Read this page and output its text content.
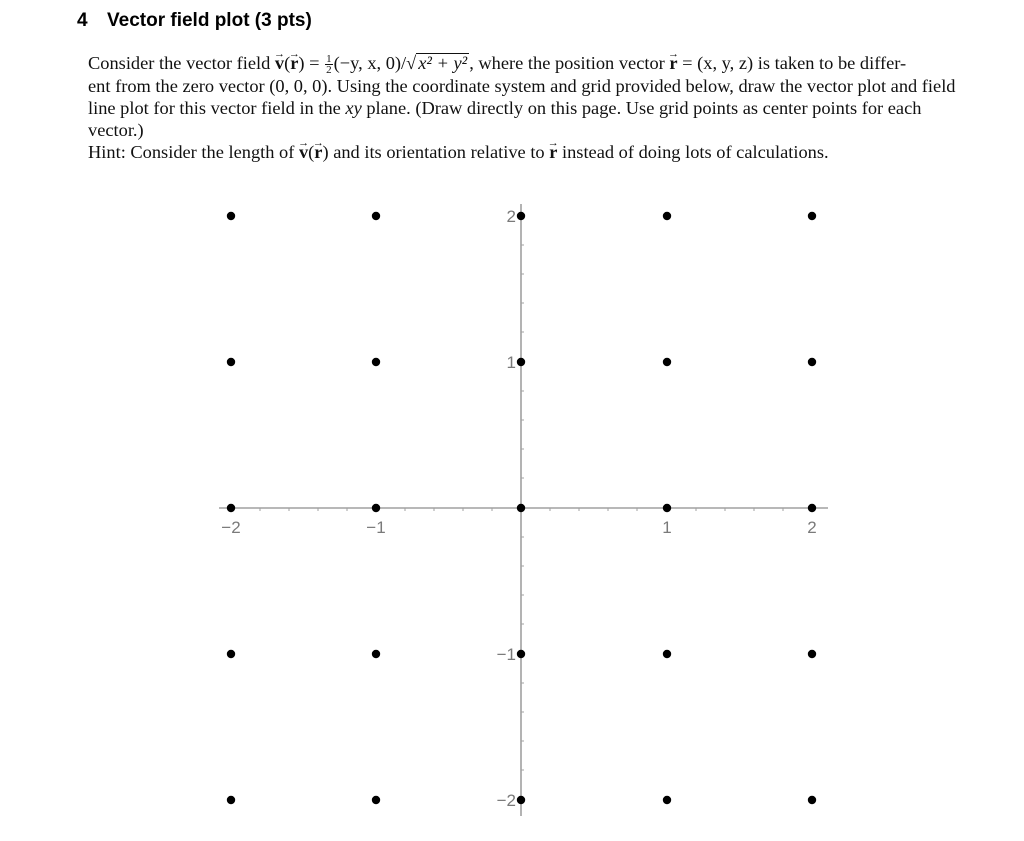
4 Vector field plot (3 pts)
Consider the vector field → $v(\to r) = \frac{1}{2} (-y$, x, 0)/√ x² + y² , where the position vector → r = (x, y, z) is taken to be differ-
ent from the zero vector (0, 0, 0). Using the coordinate system and grid provided below, draw the vector plot and field
line plot for this vector field in the xy plane. (Draw directly on this page. Use grid points as center points for each
vector.)
Hint: Consider the length of → v(→ r) and its orientation relative to → r instead of doing lots of calculations.
−2	−1	1	2
2
1
−1
−2
